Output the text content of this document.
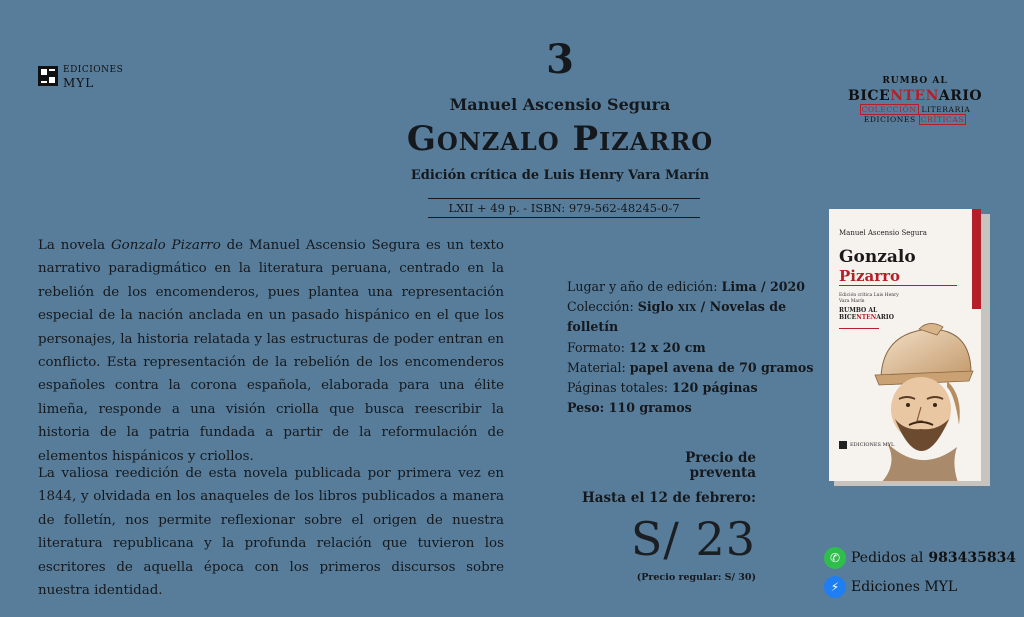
EDICIONES
MYL	3
Manuel Ascensio Segura
Gonzalo Pizarro
Edición crítica de Luis Henry Vara Marín
LXII + 49 p. - ISBN: 979-562-48245-0-7
RUMBO AL
BICENTENARIO
COLECCIÓN LITERARIA
EDICIONES CRÍTICAS

La novela Gonzalo Pizarro de Manuel Ascensio Segura es un texto narrativo paradigmático en la literatura peruana, centrado en la rebelión de los encomenderos, pues plantea una representación especial de la nación anclada en un pasado hispánico en el que los personajes, la historia relatada y las estructuras de poder entran en conflicto. Esta representación de la rebelión de los encomenderos españoles contra la corona española, elaborada para una élite limeña, responde a una visión criolla que busca reescribir la historia de la patria fundada a partir de la reformulación de elementos hispánicos y criollos.

La valiosa reedición de esta novela publicada por primera vez en 1844, y olvidada en los anaqueles de los libros publicados a manera de folletín, nos permite reflexionar sobre el origen de nuestra literatura republicana y la profunda relación que tuvieron los escritores de aquella época con los primeros discursos sobre nuestra identidad.

Lugar y año de edición: Lima / 2020
Colección: Siglo xix / Novelas de folletín
Formato: 12 x 20 cm
Material: papel avena de 70 gramos
Páginas totales: 120 páginas
Peso: 110 gramos
Precio de
preventa
Hasta el 12 de febrero:
S/ 23
(Precio regular: S/ 30)
Manuel Ascensio Segura
Gonzalo
Pizarro
Edición crítica Luis Henry Vara Marín
RUMBO AL
BICENTENARIO
EDICIONES MYL
✆ Pedidos al 983435834
⚡ Ediciones MYL
